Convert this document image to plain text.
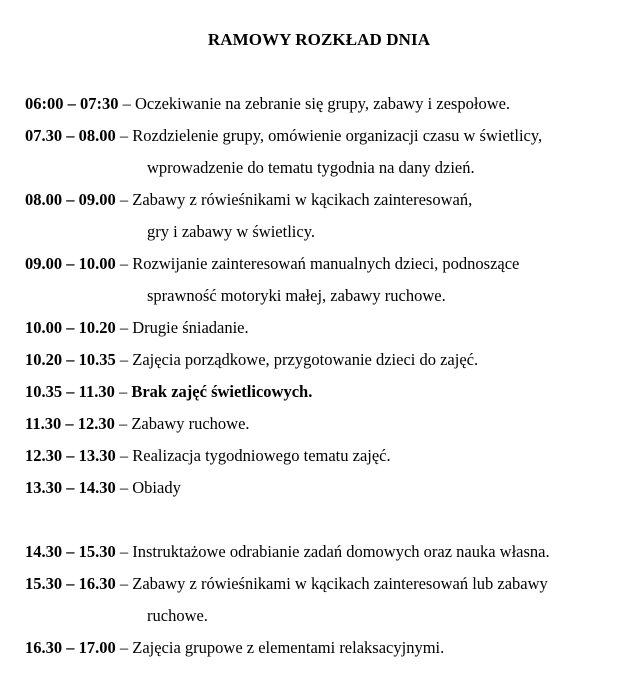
RAMOWY ROZKŁAD DNIA
06:00 – 07:30 – Oczekiwanie na zebranie się grupy, zabawy i zespołowe.
07.30 – 08.00 – Rozdzielenie grupy, omówienie organizacji czasu w świetlicy,
wprowadzenie do tematu tygodnia na dany dzień.
08.00 – 09.00 – Zabawy z rówieśnikami w kącikach zainteresowań,
gry i zabawy w świetlicy.
09.00 – 10.00 – Rozwijanie zainteresowań manualnych dzieci, podnoszące
sprawność motoryki małej, zabawy ruchowe.
10.00 – 10.20 – Drugie śniadanie.
10.20 – 10.35 – Zajęcia porządkowe, przygotowanie dzieci do zajęć.
10.35 – 11.30 – Brak zajęć świetlicowych.
11.30 – 12.30 – Zabawy ruchowe.
12.30 – 13.30 – Realizacja tygodniowego tematu zajęć.
13.30 – 14.30 – Obiady
14.30 – 15.30 – Instruktażowe odrabianie zadań domowych oraz nauka własna.
15.30 – 16.30 – Zabawy z rówieśnikami w kącikach zainteresowań lub zabawy
ruchowe.
16.30 – 17.00 – Zajęcia grupowe z elementami relaksacyjnymi.
